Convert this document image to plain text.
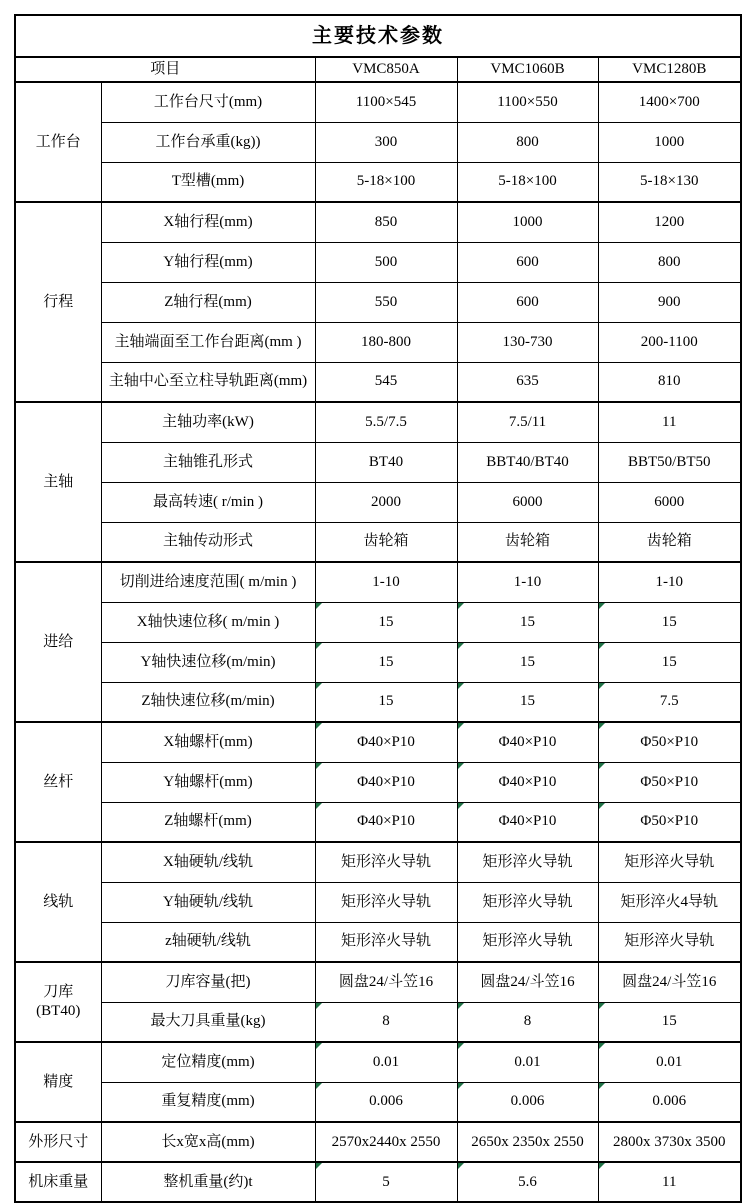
主要技术参数				
项目		VMC850A	VMC1060B	VMC1280B
工作台	工作台尺寸(mm)	1100×545	1100×550	1400×700
	工作台承重(kg))	300	800	1000
	T型槽(mm)	5-18×100	5-18×100	5-18×130
行程	X轴行程(mm)	850	1000	1200
	Y轴行程(mm)	500	600	800
	Z轴行程(mm)	550	600	900
	主轴端面至工作台距离(mm )	180-800	130-730	200-1100
	主轴中心至立柱导轨距离(mm)	545	635	810
主轴	主轴功率(kW)	5.5/7.5	7.5/11	11
	主轴锥孔形式	BT40	BBT40/BT40	BBT50/BT50
	最高转速( r/min )	2000	6000	6000
	主轴传动形式	齿轮箱	齿轮箱	齿轮箱
进给	切削进给速度范围( m/min )	1-10	1-10	1-10
	X轴快速位移( m/min )	15	15	15

	Y轴快速位移(m/min)	15	15	15

	Z轴快速位移(m/min)	15	15	7.5

丝杆	X轴螺杆(mm)	Φ40×P10	Φ40×P10	Φ50×P10

	Y轴螺杆(mm)	Φ40×P10	Φ40×P10	Φ50×P10

	Z轴螺杆(mm)	Φ40×P10	Φ40×P10	Φ50×P10

线轨	X轴硬轨/线轨	矩形淬火导轨	矩形淬火导轨	矩形淬火导轨
	Y轴硬轨/线轨	矩形淬火导轨	矩形淬火导轨	矩形淬火4导轨
	z轴硬轨/线轨	矩形淬火导轨	矩形淬火导轨	矩形淬火导轨
刀库
(BT40)	刀库容量(把)	圆盘24/斗笠16	圆盘24/斗笠16	圆盘24/斗笠16
	最大刀具重量(kg)	8	8	15

精度	定位精度(mm)	0.01	0.01	0.01

	重复精度(mm)	0.006	0.006	0.006

外形尺寸	长x宽x高(mm)	2570x2440x 2550	2650x 2350x 2550	2800x 3730x 3500
机床重量	整机重量(约)t	5	5.6	11
